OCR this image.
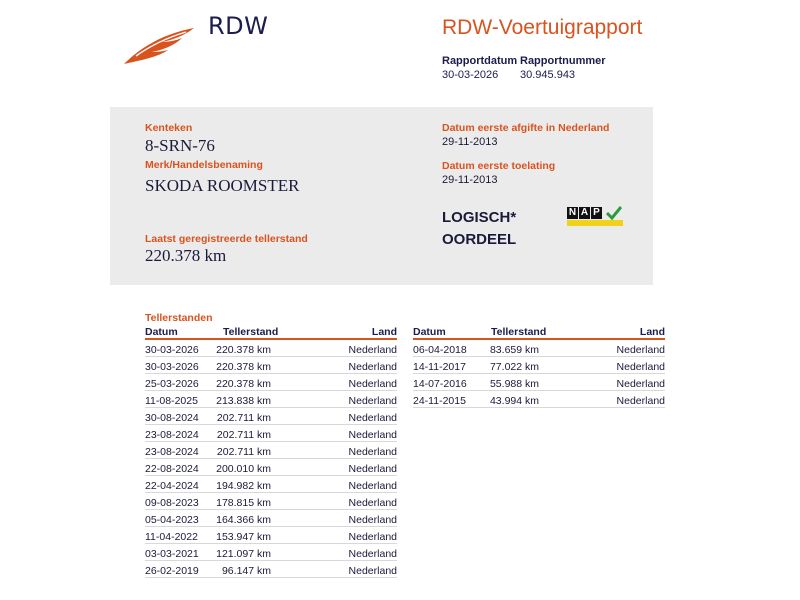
RDW	RDW-Voertuigrapport
Rapportdatum
30-03-2026
Rapportnummer
30.945.943
Kenteken
8-SRN-76
Merk/Handelsbenaming
SKODA ROOMSTER
Laatst geregistreerde tellerstand
220.378 km
Datum eerste afgifte in Nederland
29-11-2013
Datum eerste toelating
29-11-2013
LOGISCH*
OORDEEL
N A P
Tellerstanden
Datum	Tellerstand	Land
30-03-2026 220.378 km	Nederland
30-03-2026 220.378 km	Nederland
25-03-2026 220.378 km	Nederland
11-08-2025 213.838 km	Nederland
30-08-2024 202.711 km	Nederland
23-08-2024 202.711 km	Nederland
23-08-2024 202.711 km	Nederland
22-08-2024 200.010 km	Nederland
22-04-2024 194.982 km	Nederland
09-08-2023 178.815 km	Nederland
05-04-2023 164.366 km	Nederland
11-04-2022 153.947 km	Nederland
03-03-2021 121.097 km	Nederland
26-02-2019 96.147 km	Nederland
Datum	Tellerstand	Land
06-04-2018 83.659 km	Nederland
14-11-2017 77.022 km	Nederland
14-07-2016 55.988 km	Nederland
24-11-2015 43.994 km	Nederland
